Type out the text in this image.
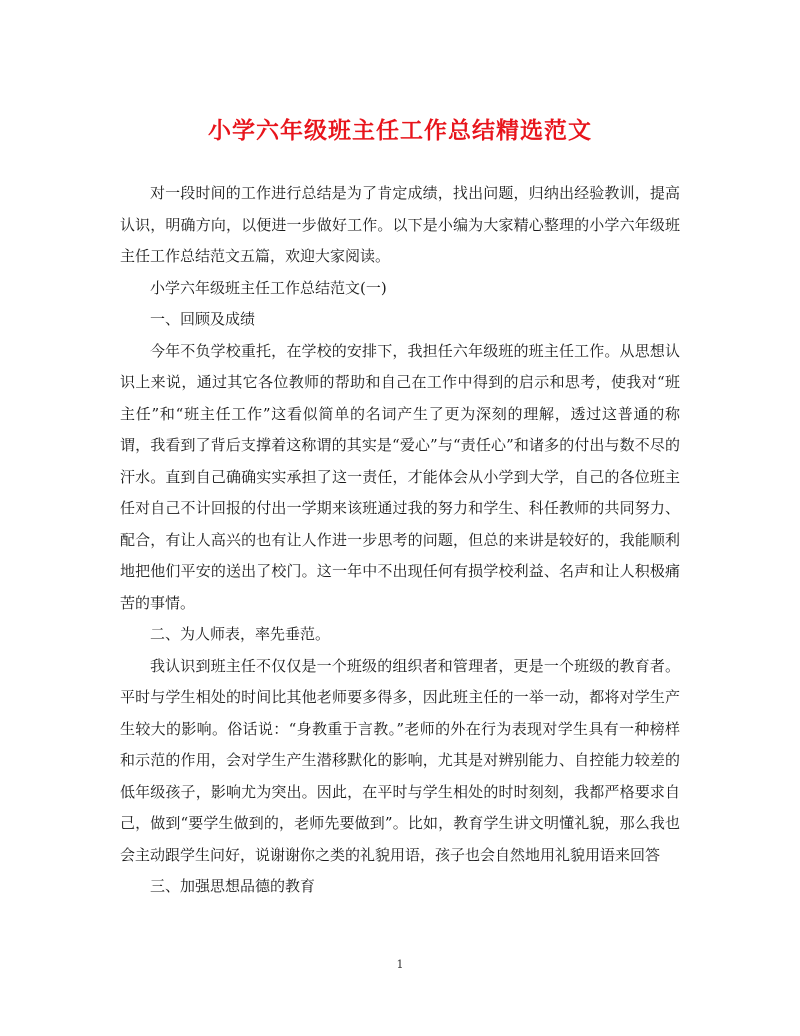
小学六年级班主任工作总结精选范文

对一段时间的工作进行总结是为了肯定成绩，找出问题，归纳出经验教训，提高认识，明确方向，以便进一步做好工作。以下是小编为大家精心整理的小学六年级班主任工作总结范文五篇，欢迎大家阅读。

小学六年级班主任工作总结范文(一)

一、回顾及成绩

今年不负学校重托，在学校的安排下，我担任六年级班的班主任工作。从思想认识上来说，通过其它各位教师的帮助和自己在工作中得到的启示和思考，使我对“班主任”和“班主任工作”这看似简单的名词产生了更为深刻的理解，透过这普通的称谓，我看到了背后支撑着这称谓的其实是“爱心”与“责任心”和诸多的付出与数不尽的汗水。直到自己确确实实承担了这一责任，才能体会从小学到大学，自己的各位班主任对自己不计回报的付出一学期来该班通过我的努力和学生、科任教师的共同努力、配合，有让人高兴的也有让人作进一步思考的问题，但总的来讲是较好的，我能顺利地把他们平安的送出了校门。这一年中不出现任何有损学校利益、名声和让人积极痛苦的事情。

二、为人师表，率先垂范。

我认识到班主任不仅仅是一个班级的组织者和管理者，更是一个班级的教育者。平时与学生相处的时间比其他老师要多得多，因此班主任的一举一动，都将对学生产生较大的影响。俗话说：“身教重于言教。”老师的外在行为表现对学生具有一种榜样和示范的作用，会对学生产生潜移默化的影响，尤其是对辨别能力、自控能力较差的低年级孩子，影响尤为突出。因此，在平时与学生相处的时时刻刻，我都严格要求自己，做到“要学生做到的，老师先要做到”。比如，教育学生讲文明懂礼貌，那么我也会主动跟学生问好，说谢谢你之类的礼貌用语，孩子也会自然地用礼貌用语来回答

三、加强思想品德的教育

1
